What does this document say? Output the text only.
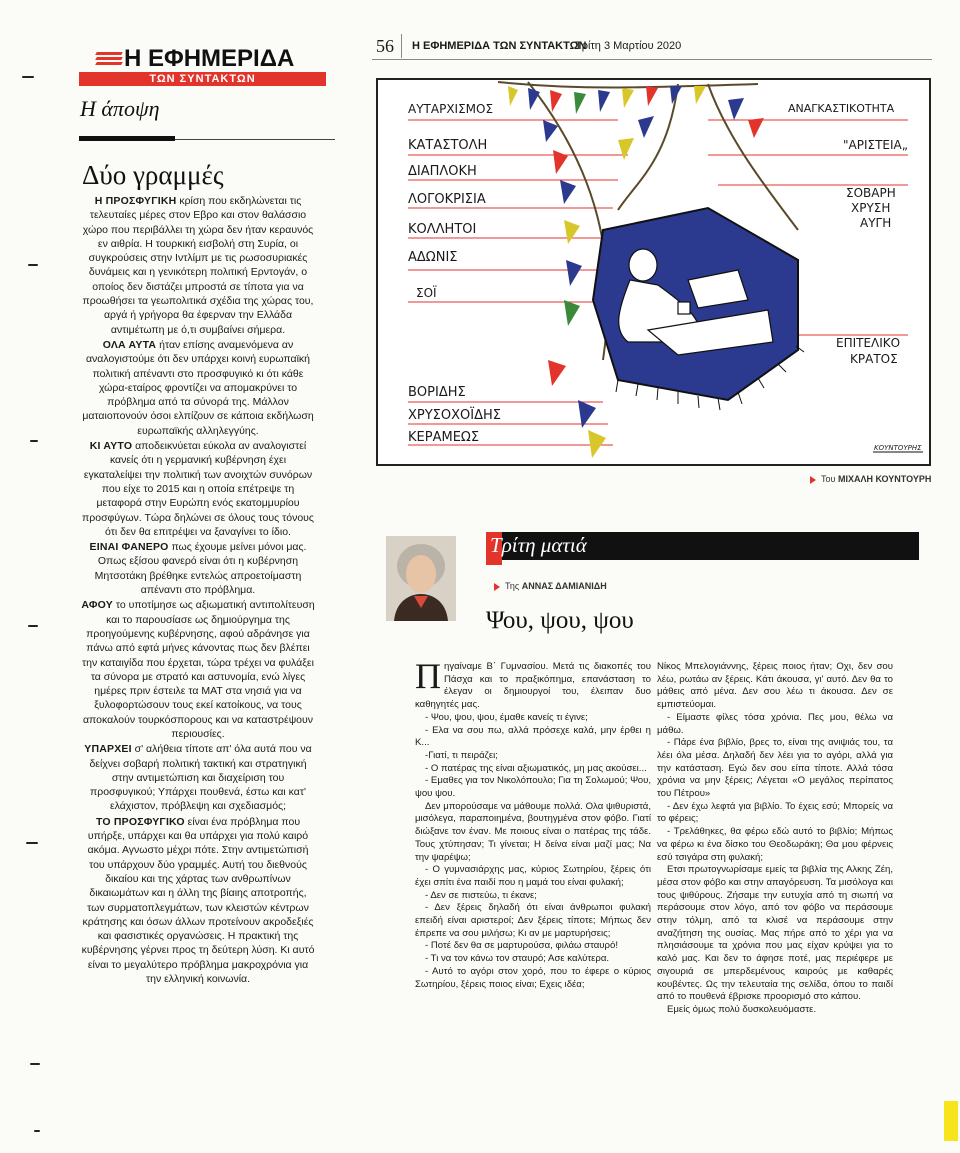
Η ΕΦΗΜΕΡΙΔΑ
ΤΩΝ ΣΥΝΤΑΚΤΩΝ
Η άποψη
Δύο γραμμές

Η ΠΡΟΣΦΥΓΙΚΗ κρίση που εκδηλώνεται τις τελευταίες μέρες στον Εβρο και στον θαλάσσιο χώρο που περιβάλλει τη χώρα δεν ήταν κεραυνός εν αιθρία. Η τουρκική εισβολή στη Συρία, οι συγκρούσεις στην Ιντλίμπ με τις ρωσοσυριακές δυνάμεις και η γενικότερη πολιτική Ερντογάν, ο οποίος δεν διστάζει μπροστά σε τίποτα για να προωθήσει τα γεωπολιτικά σχέδια της χώρας του, αργά ή γρήγορα θα έφερναν την Ελλάδα αντιμέτωπη με ό,τι συμβαίνει σήμερα.

ΟΛΑ ΑΥΤΑ ήταν επίσης αναμενόμενα αν αναλογιστούμε ότι δεν υπάρχει κοινή ευρωπαϊκή πολιτική απέναντι στο προσφυγικό κι ότι κάθε χώρα-εταίρος φροντίζει να απομακρύνει το πρόβλημα από τα σύνορά της. Μάλλον ματαιοπονούν όσοι ελπίζουν σε κάποια εκδήλωση ευρωπαϊκής αλληλεγγύης.

ΚΙ ΑΥΤΟ αποδεικνύεται εύκολα αν αναλογιστεί κανείς ότι η γερμανική κυβέρνηση έχει εγκαταλείψει την πολιτική των ανοιχτών συνόρων που είχε το 2015 και η οποία επέτρεψε τη μεταφορά στην Ευρώπη ενός εκατομμυρίου προσφύγων. Τώρα δηλώνει σε όλους τους τόνους ότι δεν θα επιτρέψει να ξαναγίνει το ίδιο.

ΕΙΝΑΙ ΦΑΝΕΡΟ πως έχουμε μείνει μόνοι μας. Οπως εξίσου φανερό είναι ότι η κυβέρνηση Μητσοτάκη βρέθηκε εντελώς απροετοίμαστη απέναντι στο πρόβλημα.

ΑΦΟΥ το υποτίμησε ως αξιωματική αντιπολίτευση και το παρουσίασε ως δημιούργημα της προηγούμενης κυβέρνησης, αφού αδράνησε για πάνω από εφτά μήνες κάνοντας πως δεν βλέπει την καταιγίδα που έρχεται, τώρα τρέχει να φυλάξει τα σύνορα με στρατό και αστυνομία, ενώ λίγες ημέρες πριν έστειλε τα ΜΑΤ στα νησιά για να ξυλοφορτώσουν τους εκεί κατοίκους, να τους αποκαλούν τουρκόσπορους και να καταστρέψουν περιουσίες.

ΥΠΑΡΧΕΙ σ' αλήθεια τίποτε απ' όλα αυτά που να δείχνει σοβαρή πολιτική τακτική και στρατηγική στην αντιμετώπιση και διαχείριση του προσφυγικού; Υπάρχει πουθενά, έστω και κατ' ελάχιστον, πρόβλεψη και σχεδιασμός;

ΤΟ ΠΡΟΣΦΥΓΙΚΟ είναι ένα πρόβλημα που υπήρξε, υπάρχει και θα υπάρχει για πολύ καιρό ακόμα. Αγνωστο μέχρι πότε. Στην αντιμετώπισή του υπάρχουν δύο γραμμές. Αυτή του διεθνούς δικαίου και της χάρτας των ανθρωπίνων δικαιωμάτων και η άλλη της βίαιης αποτροπής, των συρματοπλεγμάτων, των κλειστών κέντρων κράτησης και όσων άλλων προτείνουν ακροδεξιές και φασιστικές οργανώσεις. Η πρακτική της κυβέρνησης γέρνει προς τη δεύτερη λύση. Κι αυτό είναι το μεγαλύτερο πρόβλημα μακροχρόνια για την ελληνική κοινωνία.

56 Η ΕΦΗΜΕΡΙΔΑ ΤΩΝ ΣΥΝΤΑΚΤΩΝ
Τρίτη 3 Μαρτίου 2020
ΑΥΤΑΡΧΙΣΜΟΣ
ΚΑΤΑΣΤΟΛΗ
ΔΙΑΠΛΟΚΗ
ΛΟΓΟΚΡΙΣΙΑ
ΚΟΛΛΗΤΟΙ
ΑΔΩΝΙΣ
ΣΟΪ
ΒΟΡΙΔΗΣ
ΧΡΥΣΟΧΟΪΔΗΣ
ΚΕΡΑΜΕΩΣ
ΑΝΑΓΚΑΣΤΙΚΟΤΗΤΑ
"ΑΡΙΣΤΕΙΑ„
ΣΟΒΑΡΗ
ΧΡΥΣΗ
ΑΥΓΗ
ΕΠΙΤΕΛΙΚΟ
ΚΡΑΤΟΣ
ΚΟΥΝΤΟΥΡΗΣ
Του ΜΙΧΑΛΗ ΚΟΥΝΤΟΥΡΗ
Τρίτη ματιά
Της ΑΝΝΑΣ ΔΑΜΙΑΝΙΔΗ
Ψου, ψου, ψου

Πηγαίναμε Β΄ Γυμνασίου. Μετά τις διακοπές του Πάσχα και το πραξικόπημα, επανάσταση το έλεγαν οι δημιουργοί του, έλειπαν δυο καθηγητές μας.

- Ψου, ψου, ψου, έμαθε κανείς τι έγινε;

- Ελα να σου πω, αλλά πρόσεχε καλά, μην έρθει η Κ...

-Γιατί, τι πειράζει;

- Ο πατέρας της είναι αξιωματικός, μη μας ακούσει...

- Εμαθες για τον Νικολόπουλο; Για τη Σολωμού; Ψου, ψου ψου.

Δεν μπορούσαμε να μάθουμε πολλά. Ολα ψιθυριστά, μισόλεγα, παραποιημένα, βουτηγμένα στον φόβο. Γιατί διώξανε τον έναν. Με ποιους είναι ο πατέρας της τάδε. Τους χτύπησαν; Τι γίνεται; Η δείνα είναι μαζί μας; Να την ψαρέψω;

- Ο γυμνασιάρχης μας, κύριος Σωτηρίου, ξέρεις ότι έχει σπίτι ένα παιδί που η μαμά του είναι φυλακή;

- Δεν σε πιστεύω, τι έκανε;

- Δεν ξέρεις δηλαδή ότι είναι άνθρωποι φυλακή επειδή είναι αριστεροί; Δεν ξέρεις τίποτε; Μήπως δεν έπρεπε να σου μιλήσω; Κι αν με μαρτυρήσεις;

- Ποτέ δεν θα σε μαρτυρούσα, φιλάω σταυρό!

- Τι να τον κάνω τον σταυρό; Ασε καλύτερα.

- Αυτό το αγόρι στον χορό, που το έφερε ο κύριος Σωτηρίου, ξέρεις ποιος είναι; Εχεις ιδέα;

Νίκος Μπελογιάννης, ξέρεις ποιος ήταν; Οχι, δεν σου λέω, ρωτάω αν ξέρεις. Κάτι άκουσα, γι' αυτό. Δεν θα το μάθεις από μένα. Δεν σου λέω τι άκουσα. Δεν σε εμπιστεύομαι.

- Είμαστε φίλες τόσα χρόνια. Πες μου, θέλω να μάθω.

- Πάρε ένα βιβλίο, βρες το, είναι της ανιψιάς του, τα λέει όλα μέσα. Δηλαδή δεν λέει για το αγόρι, αλλά για την κατάσταση. Εγώ δεν σου είπα τίποτε. Αλλά τόσα χρόνια να μην ξέρεις; Λέγεται «Ο μεγάλος περίπατος του Πέτρου»

- Δεν έχω λεφτά για βιβλίο. Το έχεις εσύ; Μπορείς να το φέρεις;

- Τρελάθηκες, θα φέρω εδώ αυτό το βιβλίο; Μήπως να φέρω κι ένα δίσκο του Θεοδωράκη; Θα μου φέρνεις εσύ τσιγάρα στη φυλακή;

Ετσι πρωτογνωρίσαμε εμείς τα βιβλία της Αλκης Ζέη, μέσα στον φόβο και στην απαγόρευση. Τα μισόλογα και τους ψιθύρους. Ζήσαμε την ευτυχία από τη σιωπή να περάσουμε στον λόγο, από τον φόβο να περάσουμε στην τόλμη, από τα κλισέ να περάσουμε στην αναζήτηση της ουσίας. Μας πήρε από το χέρι για να πλησιάσουμε τα χρόνια που μας είχαν κρύψει για το καλό μας. Και δεν το άφησε ποτέ, μας περιέφερε με σιγουριά σε μπερδεμένους καιρούς με καθαρές κουβέντες. Ως την τελευταία της σελίδα, όπου το παιδί από το πουθενά έβρισκε προορισμό στο κάπου.

Εμείς όμως πολύ δυσκολευόμαστε.
